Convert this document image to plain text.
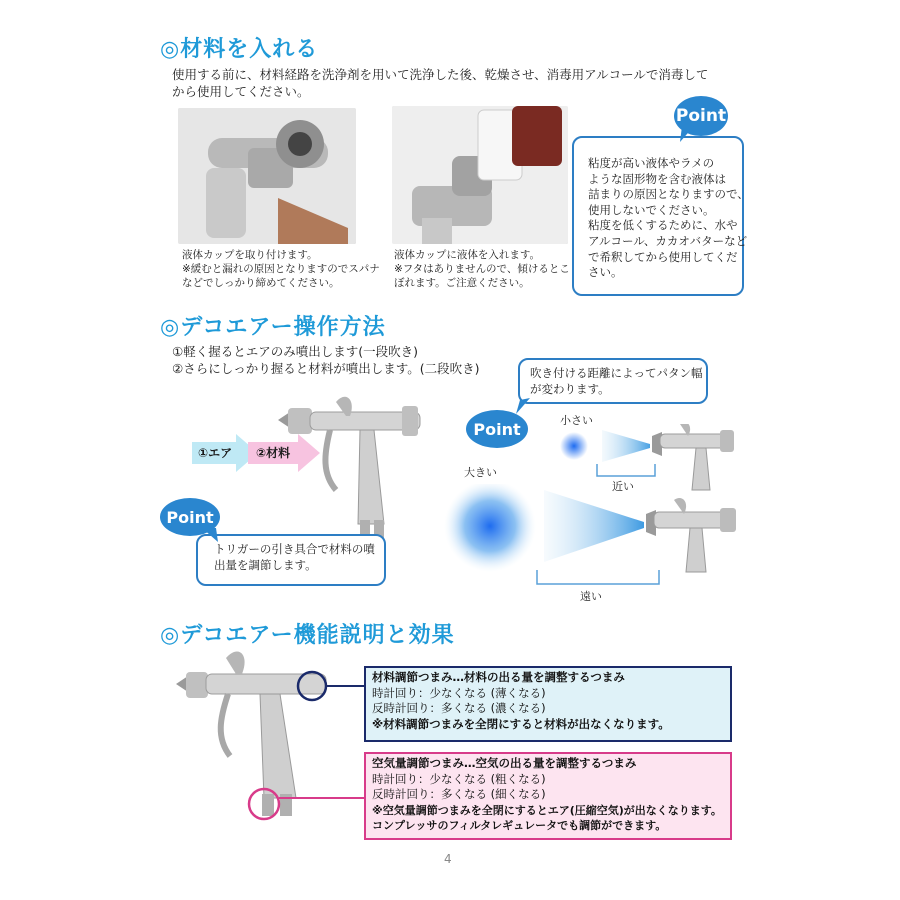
◎材料を入れる
使用する前に、材料経路を洗浄剤を用いて洗浄した後、乾燥させ、消毒用アルコールで消毒して
から使用してください。
液体カップを取り付けます。
※緩むと漏れの原因となりますのでスパナ
などでしっかり締めてください。
液体カップに液体を入れます。
※フタはありませんので、傾けるとこ
ぼれます。ご注意ください。
Point
粘度が高い液体やラメの
ような固形物を含む液体は
詰まりの原因となりますので、
使用しないでください。
粘度を低くするために、水や
アルコール、カカオバターなど
で希釈してから使用してくだ
さい。
◎デコエアー操作方法
①軽く握るとエアのみ噴出します(一段吹き)
②さらにしっかり握ると材料が噴出します。(二段吹き)
①エア ②材料
Point
トリガーの引き具合で材料の噴
出量を調節します。
Point
吹き付ける距離によってパタン幅
が変わります。
小さい
近い
大きい
遠い
◎デコエアー機能説明と効果
材料調節つまみ…材料の出る量を調整するつまみ
時計回り：少なくなる (薄くなる)
反時計回り：多くなる (濃くなる)
※材料調節つまみを全閉にすると材料が出なくなります。
空気量調節つまみ…空気の出る量を調整するつまみ
時計回り：少なくなる (粗くなる)
反時計回り：多くなる (細くなる)
※空気量調節つまみを全閉にするとエア(圧縮空気)が出なくなります。
コンプレッサのフィルタレギュレータでも調節ができます。
4
